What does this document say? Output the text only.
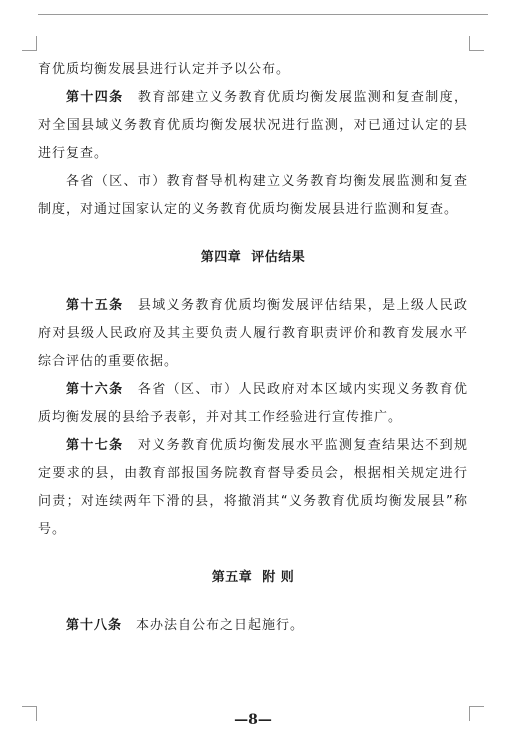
育优质均衡发展县进行认定并予以公布。

第十四条　 教育部建立义务教育优质均衡发展监测和复查制度，对全国县域义务教育优质均衡发展状况进行监测，对已通过认定的县进行复查。

各省（区、市）教育督导机构建立义务教育均衡发展监测和复查制度，对通过国家认定的义务教育优质均衡发展县进行监测和复查。

第四章 评估结果

第十五条　 县域义务教育优质均衡发展评估结果，是上级人民政府对县级人民政府及其主要负责人履行教育职责评价和教育发展水平综合评估的重要依据。

第十六条　 各省（区、市）人民政府对本区域内实现义务教育优质均衡发展的县给予表彰，并对其工作经验进行宣传推广。

第十七条　 对义务教育优质均衡发展水平监测复查结果达不到规定要求的县，由教育部报国务院教育督导委员会，根据相关规定进行问责；对连续两年下滑的县，将撤消其“义务教育优质均衡发展县”称号。

第五章 附 则

第十八条　 本办法自公布之日起施行。

—8—
